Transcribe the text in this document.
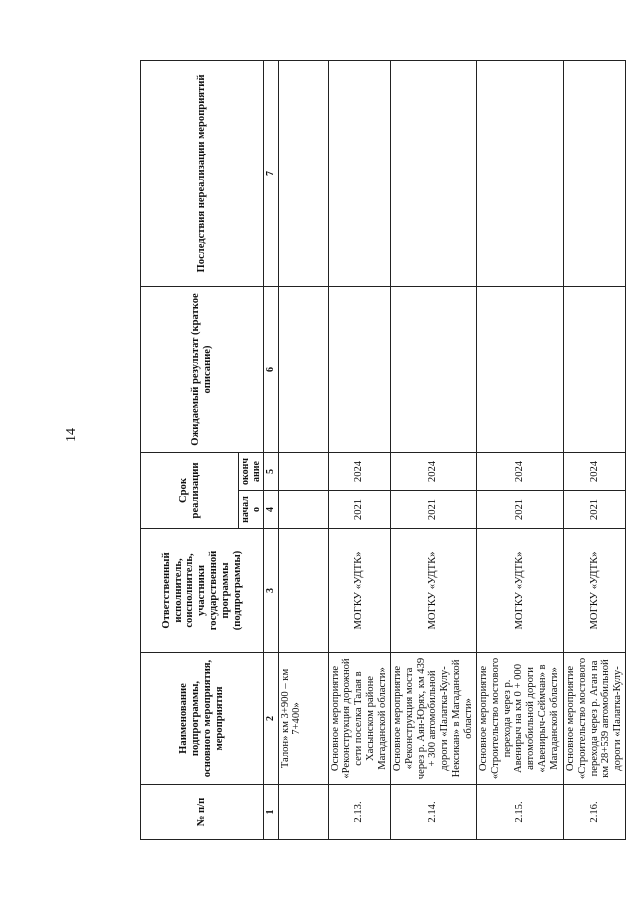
14
№ п/п	Наименование подпрограммы, основного мероприятия, мероприятия	Ответственный исполнитель, соисполнитель, участники государственной программы (подпрограммы)	Срок реализации		Ожидаемый результат (краткое описание)	Последствия нереализации мероприятий
			начало	окончание		
1	2	3	4	5	6	7
	Талон» км 3+900 – км 7+400»					
2.13.	Основное мероприятие «Реконструкция дорожной сети поселка Талая в Хасынском районе Магаданской области»	МОГКУ «УДТК»	2021	2024		
2.14.	Основное мероприятие «Реконструкция моста через р. Аян-Юрях, км 439 + 300 автомобильной дороги «Палатка-Кулу-Нексикан» в Магаданской области»	МОГКУ «УДТК»	2021	2024		
2.15.	Основное мероприятие «Строительство мостового перехода через р. Авенирыч на км 0 + 000 автомобильной дороги «Авенирыч-Сеймчан» в Магаданской области»	МОГКУ «УДТК»	2021	2024		
2.16.	Основное мероприятие «Строительство мостового перехода через р. Аган на км 28+539 автомобильной дороги «Палатка-Кулу-	МОГКУ «УДТК»	2021	2024		
